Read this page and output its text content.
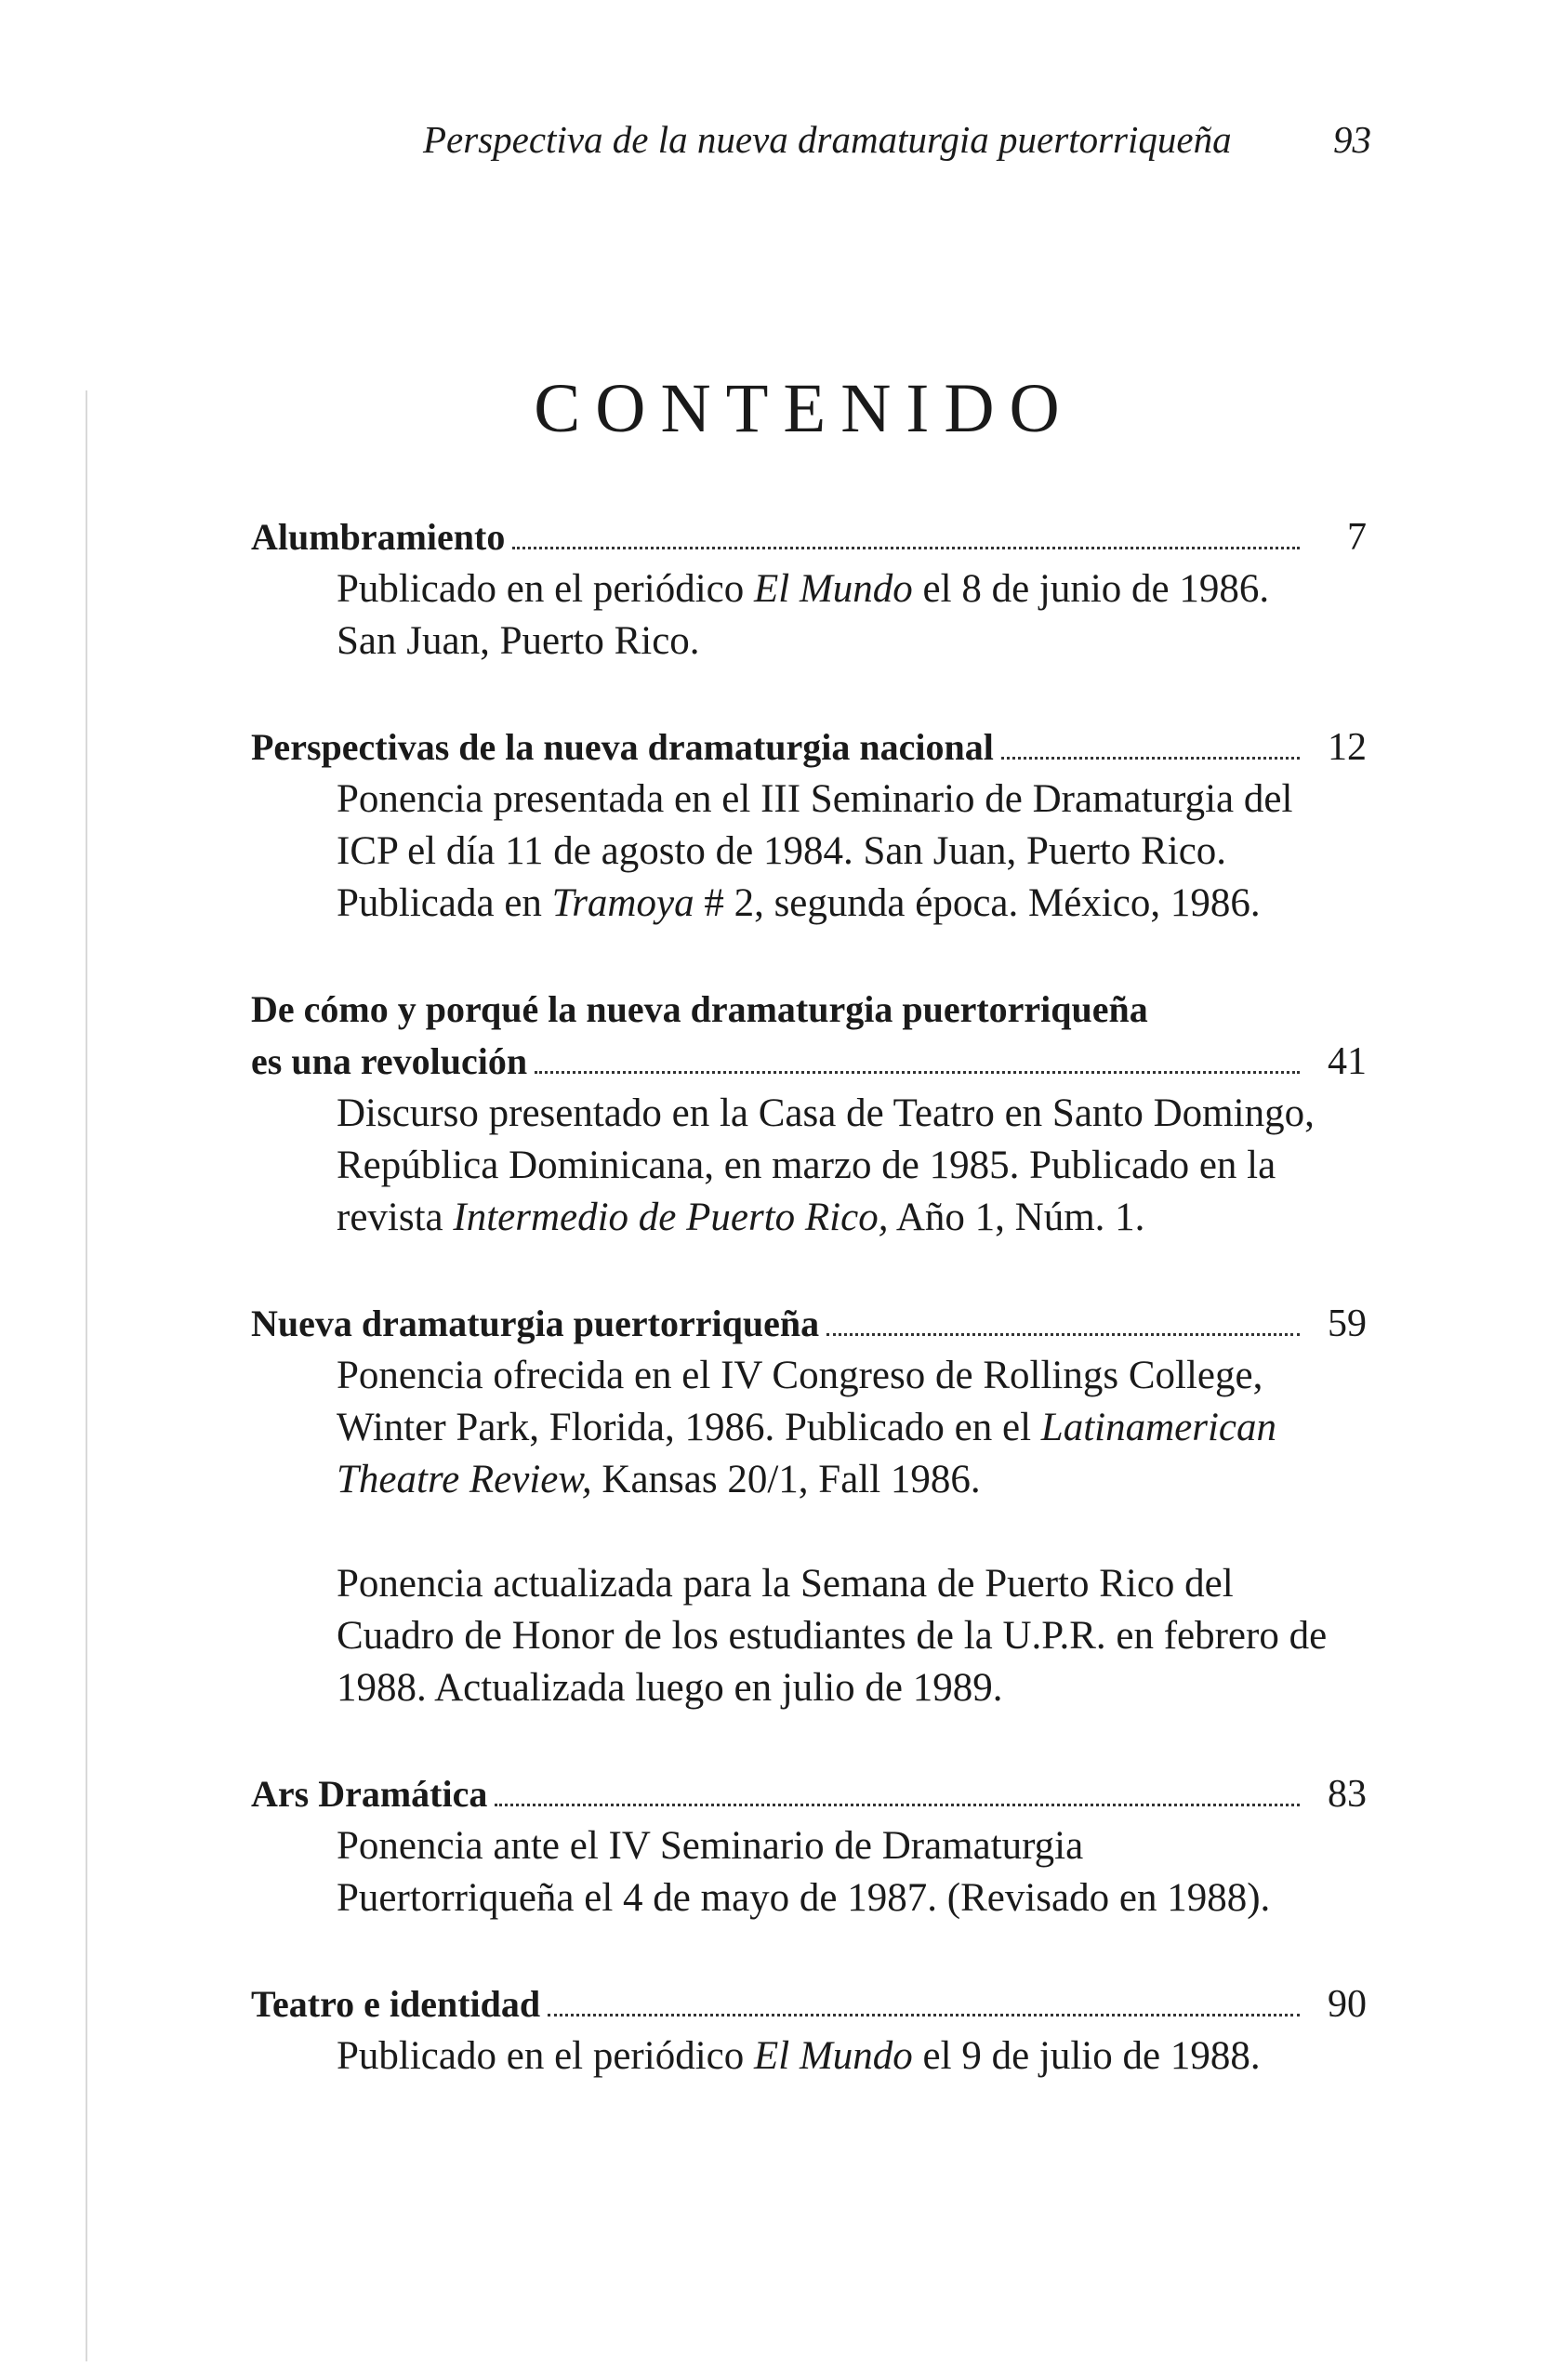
Perspectiva de la nueva dramaturgia puertorriqueña	93
CONTENIDO
Alumbramiento	7

Publicado en el periódico El Mundo el 8 de junio de 1986. San Juan, Puerto Rico.

Perspectivas de la nueva dramaturgia nacional	12

Ponencia presentada en el III Seminario de Dramaturgia del ICP el día 11 de agosto de 1984. San Juan, Puerto Rico. Publicada en Tramoya # 2, segunda época. México, 1986.

De cómo y porqué la nueva dramaturgia puertorriqueña
es una revolución	41

Discurso presentado en la Casa de Teatro en Santo Domingo, República Dominicana, en marzo de 1985. Publicado en la revista Intermedio de Puerto Rico, Año 1, Núm. 1.

Nueva dramaturgia puertorriqueña	59

Ponencia ofrecida en el IV Congreso de Rollings College, Winter Park, Florida, 1986. Publicado en el Latinamerican Theatre Review, Kansas 20/1, Fall 1986.

Ponencia actualizada para la Semana de Puerto Rico del Cuadro de Honor de los estudiantes de la U.P.R. en febrero de 1988. Actualizada luego en julio de 1989.

Ars Dramática	83

Ponencia ante el IV Seminario de Dramaturgia Puertorriqueña el 4 de mayo de 1987. (Revisado en 1988).

Teatro e identidad	90

Publicado en el periódico El Mundo el 9 de julio de 1988.
